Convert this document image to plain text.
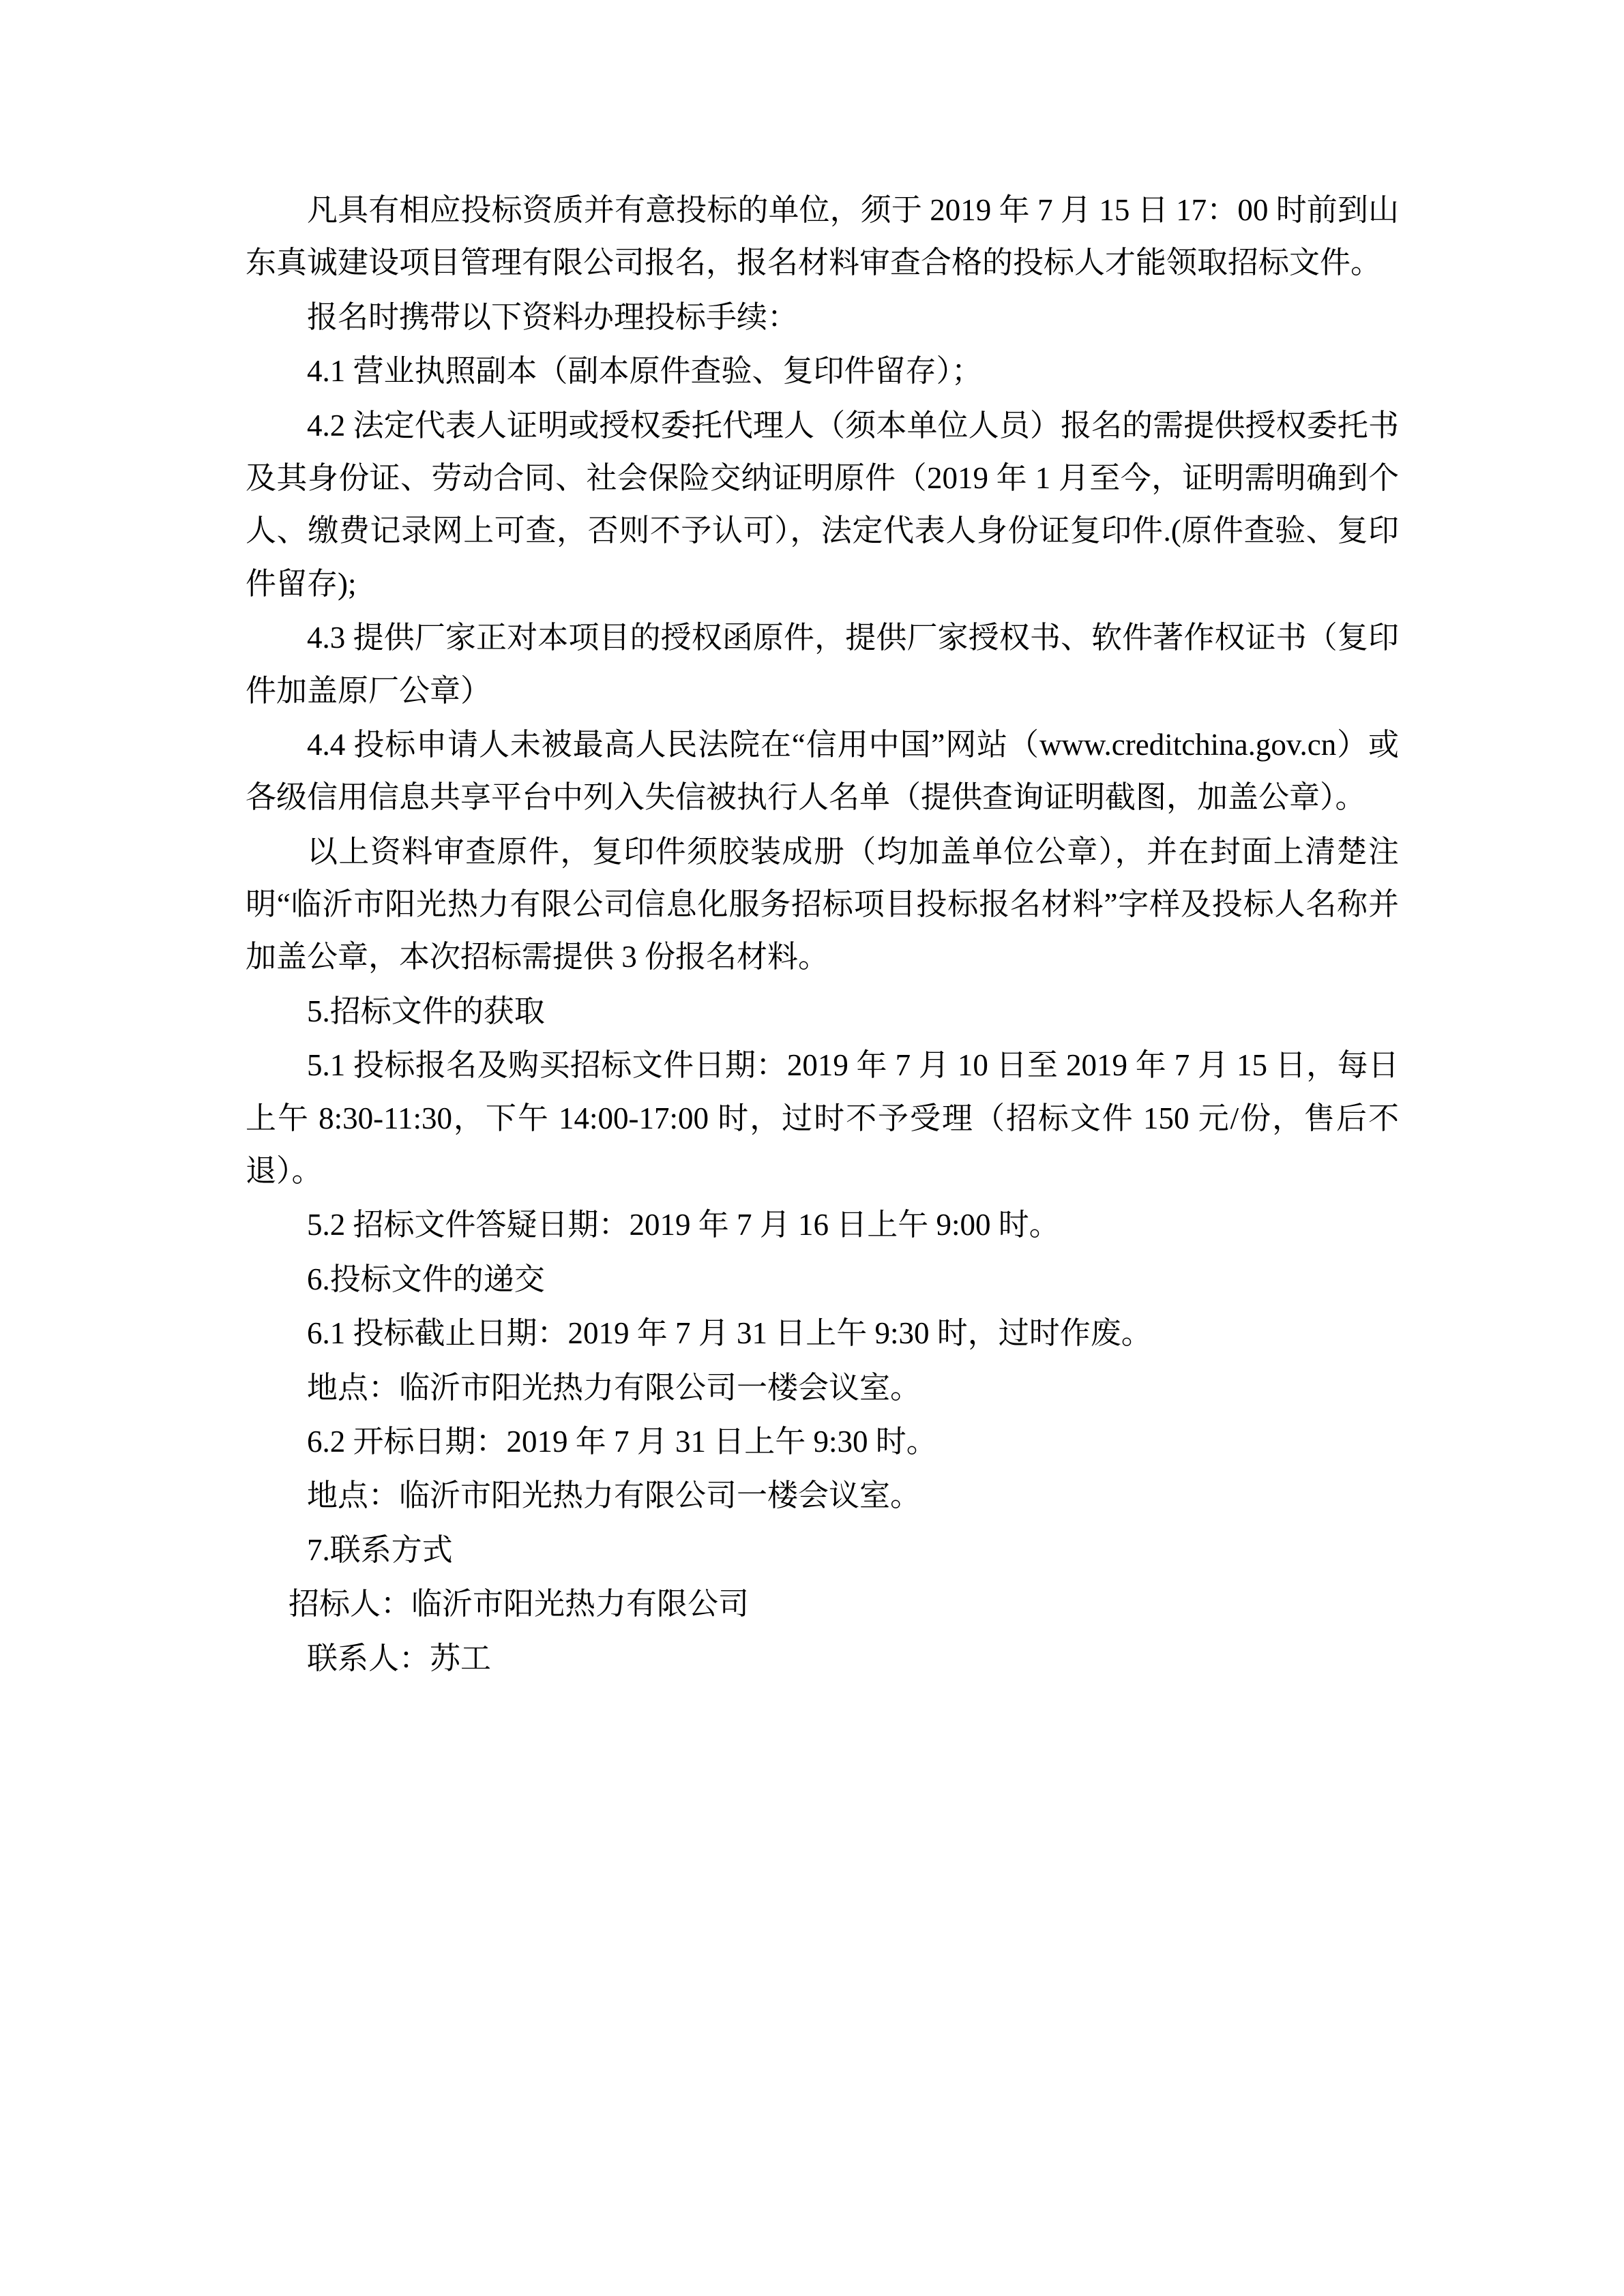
凡具有相应投标资质并有意投标的单位，须于 2019 年 7 月 15 日 17：00 时前到山东真诚建设项目管理有限公司报名，报名材料审查合格的投标人才能领取招标文件。

报名时携带以下资料办理投标手续：

4.1 营业执照副本（副本原件查验、复印件留存）；

4.2 法定代表人证明或授权委托代理人（须本单位人员）报名的需提供授权委托书及其身份证、劳动合同、社会保险交纳证明原件（2019 年 1 月至今，证明需明确到个人、缴费记录网上可查，否则不予认可），法定代表人身份证复印件.(原件查验、复印件留存);

4.3 提供厂家正对本项目的授权函原件，提供厂家授权书、软件著作权证书（复印件加盖原厂公章）

4.4 投标申请人未被最高人民法院在“信用中国”网站（www.creditchina.gov.cn）或各级信用信息共享平台中列入失信被执行人名单（提供查询证明截图，加盖公章）。

以上资料审查原件，复印件须胶装成册（均加盖单位公章），并在封面上清楚注明“临沂市阳光热力有限公司信息化服务招标项目投标报名材料”字样及投标人名称并加盖公章，本次招标需提供 3 份报名材料。

5.招标文件的获取

5.1 投标报名及购买招标文件日期：2019 年 7 月 10 日至 2019 年 7 月 15 日，每日上午 8:30-11:30，下午 14:00-17:00 时，过时不予受理（招标文件 150 元/份，售后不退）。

5.2 招标文件答疑日期：2019 年 7 月 16 日上午 9:00 时。

6.投标文件的递交

6.1 投标截止日期：2019 年 7 月 31 日上午 9:30 时，过时作废。

地点：临沂市阳光热力有限公司一楼会议室。

6.2 开标日期：2019 年 7 月 31 日上午 9:30 时。

地点：临沂市阳光热力有限公司一楼会议室。

7.联系方式

招标人：临沂市阳光热力有限公司

联系人：苏工
